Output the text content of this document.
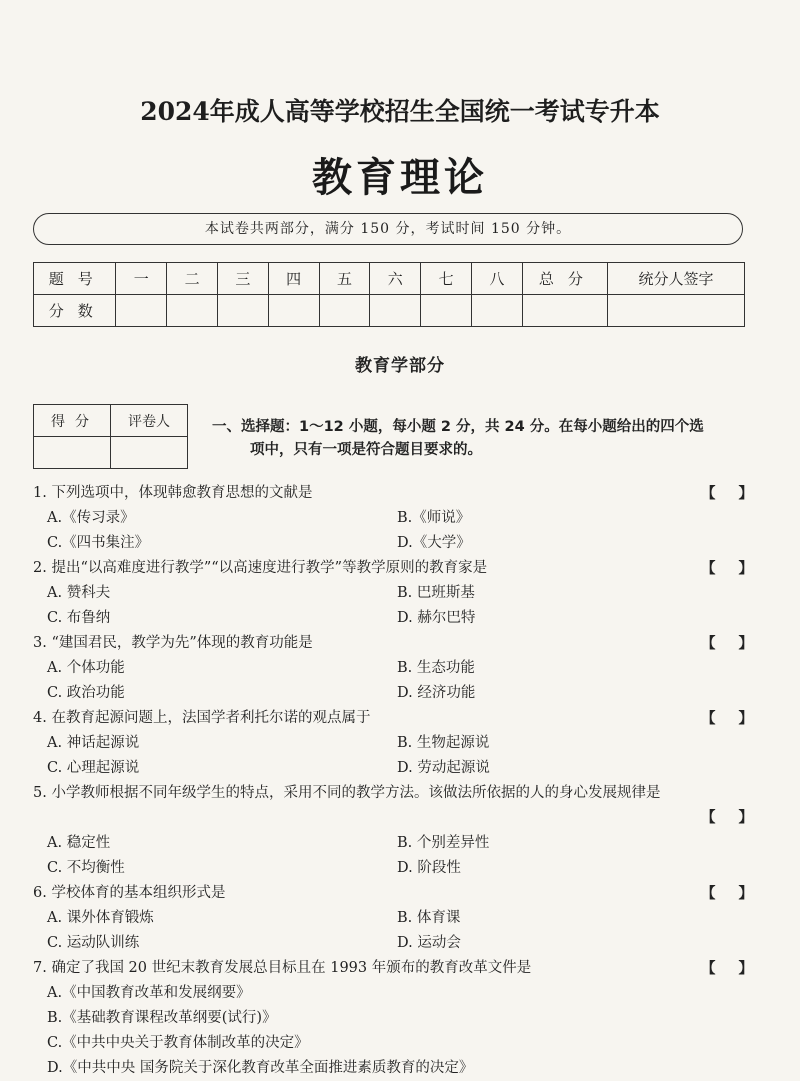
2024年成人高等学校招生全国统一考试专升本
教育理论
本试卷共两部分，满分 150 分，考试时间 150 分钟。
题号	一	二	三	四	五	六	七	八	总分	统分人签字
分数										
教育学部分
得分	评卷人
		一、选择题：1～12 小题，每小题 2 分，共 24 分。在每小题给出的四个选
项中，只有一项是符合题目要求的。
1. 下列选项中，体现韩愈教育思想的文献是	【 】
A.《传习录》	B.《师说》
C.《四书集注》	D.《大学》
2. 提出“以高难度进行教学”“以高速度进行教学”等教学原则的教育家是	【 】
A. 赞科夫	B. 巴班斯基
C. 布鲁纳	D. 赫尔巴特
3. “建国君民，教学为先”体现的教育功能是	【 】
A. 个体功能	B. 生态功能
C. 政治功能	D. 经济功能
4. 在教育起源问题上，法国学者利托尔诺的观点属于	【 】
A. 神话起源说	B. 生物起源说
C. 心理起源说	D. 劳动起源说
5. 小学教师根据不同年级学生的特点，采用不同的教学方法。该做法所依据的人的身心发展规律是
【 】
A. 稳定性	B. 个别差异性
C. 不均衡性	D. 阶段性
6. 学校体育的基本组织形式是	【 】
A. 课外体育锻炼	B. 体育课
C. 运动队训练	D. 运动会
7. 确定了我国 20 世纪末教育发展总目标且在 1993 年颁布的教育改革文件是	【 】
A.《中国教育改革和发展纲要》
B.《基础教育课程改革纲要(试行)》
C.《中共中央关于教育体制改革的决定》
D.《中共中央 国务院关于深化教育改革全面推进素质教育的决定》
